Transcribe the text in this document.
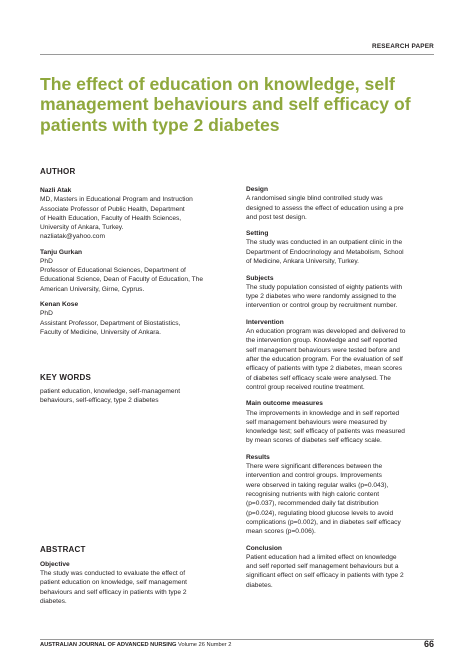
RESEARCH PAPER
The effect of education on knowledge, self management behaviours and self efficacy of patients with type 2 diabetes
AUTHOR
Nazli Atak
MD, Masters in Educational Program and Instruction
Associate Professor of Public Health, Department
of Health Education, Faculty of Health Sciences,
University of Ankara, Turkey.
nazliatak@yahoo.com
Tanju Gurkan
PhD
Professor of Educational Sciences, Department of
Educational Science, Dean of Faculty of Education, The
American University, Girne, Cyprus.
Kenan Kose
PhD
Assistant Professor, Department of Biostatistics,
Faculty of Medicine, University of Ankara.
KEY WORDS
patient education, knowledge, self-management
behaviours, self-efficacy, type 2 diabetes
ABSTRACT
Objective
The study was conducted to evaluate the effect of
patient education on knowledge, self management
behaviours and self efficacy in patients with type 2
diabetes.
Design
A randomised single blind controlled study was
designed to assess the effect of education using a pre
and post test design.
Setting
The study was conducted in an outpatient clinic in the
Department of Endocrinology and Metabolism, School
of Medicine, Ankara University, Turkey.
Subjects
The study population consisted of eighty patients with
type 2 diabetes who were randomly assigned to the
intervention or control group by recruitment number.
Intervention
An education program was developed and delivered to
the intervention group. Knowledge and self reported
self management behaviours were tested before and
after the education program. For the evaluation of self
efficacy of patients with type 2 diabetes, mean scores
of diabetes self efficacy scale were analysed. The
control group received routine treatment.
Main outcome measures
The improvements in knowledge and in self reported
self management behaviours were measured by
knowledge test; self efficacy of patients was measured
by mean scores of diabetes self efficacy scale.
Results
There were significant differences between the
intervention and control groups. Improvements
were observed in taking regular walks (p=0.043),
recognising nutrients with high caloric content
(p=0.037), recommended daily fat distribution
(p=0.024), regulating blood glucose levels to avoid
complications (p=0.002), and in diabetes self efficacy
mean scores (p=0.006).
Conclusion
Patient education had a limited effect on knowledge
and self reported self management behaviours but a
significant effect on self efficacy in patients with type 2
diabetes.
AUSTRALIAN JOURNAL OF ADVANCED NURSING Volume 26 Number 2	66
